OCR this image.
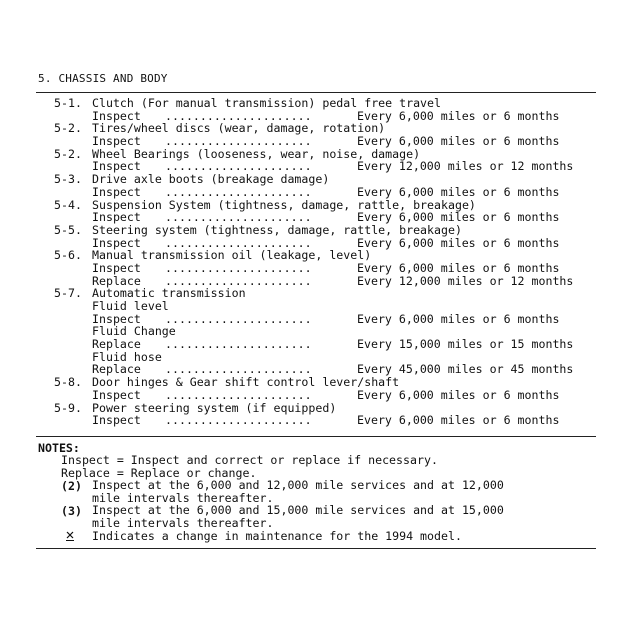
5. CHASSIS AND BODY
5-1. Clutch (For manual transmission) pedal free travel
Inspect .....................	Every 6,000 miles or 6 months
5-2. Tires/wheel discs (wear, damage, rotation)
Inspect .....................	Every 6,000 miles or 6 months
5-2. Wheel Bearings (looseness, wear, noise, damage)
Inspect .....................	Every 12,000 miles or 12 months
5-3. Drive axle boots (breakage damage)
Inspect .....................	Every 6,000 miles or 6 months
5-4. Suspension System (tightness, damage, rattle, breakage)
Inspect .....................	Every 6,000 miles or 6 months
5-5. Steering system (tightness, damage, rattle, breakage)
Inspect .....................	Every 6,000 miles or 6 months
5-6. Manual transmission oil (leakage, level)
Inspect .....................	Every 6,000 miles or 6 months
Replace .....................	Every 12,000 miles or 12 months
5-7. Automatic transmission
Fluid level
Inspect .....................	Every 6,000 miles or 6 months
Fluid Change
Replace .....................	Every 15,000 miles or 15 months
Fluid hose
Replace .....................	Every 45,000 miles or 45 months
5-8. Door hinges & Gear shift control lever/shaft
Inspect .....................	Every 6,000 miles or 6 months
5-9. Power steering system (if equipped)
Inspect .....................	Every 6,000 miles or 6 months
NOTES:
Inspect = Inspect and correct or replace if necessary.
Replace = Replace or change.
(2) Inspect at the 6,000 and 12,000 mile services and at 12,000
mile intervals thereafter.
(3) Inspect at the 6,000 and 15,000 mile services and at 15,000
mile intervals thereafter.
Indicates a change in maintenance for the 1994 model.
